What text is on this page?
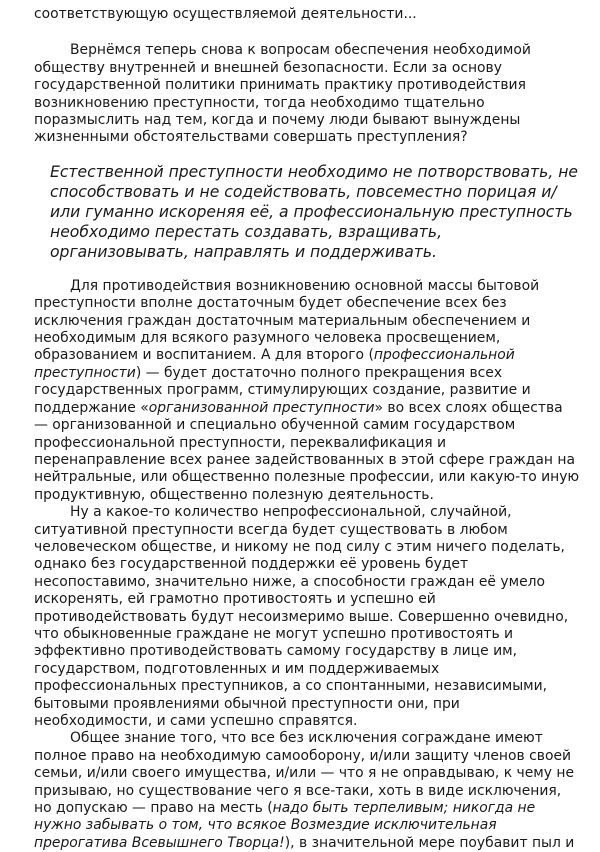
соответствующую осуществляемой деятельности...

Вернёмся теперь снова к вопросам обеспечения необходимой обществу внутренней и внешней безопасности. Если за основу государственной политики принимать практику противодействия возникновению преступности, тогда необходимо тщательно поразмыслить над тем, когда и почему люди бывают вынуждены жизненными обстоятельствами совершать преступления?

Естественной преступности необходимо не потворствовать, не способствовать и не содействовать, повсеместно порицая и/или гуманно искореняя её, а профессиональную преступность необходимо перестать создавать, взращивать, организовывать, направлять и поддерживать.

Для противодействия возникновению основной массы бытовой преступности вполне достаточным будет обеспечение всех без исключения граждан достаточным материальным обеспечением и необходимым для всякого разумного человека просвещением, образованием и воспитанием. А для второго (профессиональной преступности) — будет достаточно полного прекращения всех государственных программ, стимулирующих создание, развитие и поддержание «организованной преступности» во всех слоях общества — организованной и специально обученной самим государством профессиональной преступности, переквалификация и перенаправление всех ранее задействованных в этой сфере граждан на нейтральные, или общественно полезные профессии, или какую-то иную продуктивную, общественно полезную деятельность.

Ну а какое-то количество непрофессиональной, случайной, ситуативной преступности всегда будет существовать в любом человеческом обществе, и никому не под силу с этим ничего поделать, однако без государственной поддержки её уровень будет несопоставимо, значительно ниже, а способности граждан её умело искоренять, ей грамотно противостоять и успешно ей противодействовать будут несоизмеримо выше. Совершенно очевидно, что обыкновенные граждане не могут успешно противостоять и эффективно противодействовать самому государству в лице им, государством, подготовленных и им поддерживаемых профессиональных преступников, а со спонтанными, независимыми, бытовыми проявлениями обычной преступности они, при необходимости, и сами успешно справятся.

Общее знание того, что все без исключения сограждане имеют полное право на необходимую самооборону, и/или защиту членов своей семьи, и/или своего имущества, и/или — что я не оправдываю, к чему не призываю, но существование чего я все-таки, хоть в виде исключения, но допускаю — право на месть (надо быть терпеливым; никогда не нужно забывать о том, что всякое Возмездие исключительная прерогатива Всевышнего Творца!), в значительной мере поубавит пыл и
